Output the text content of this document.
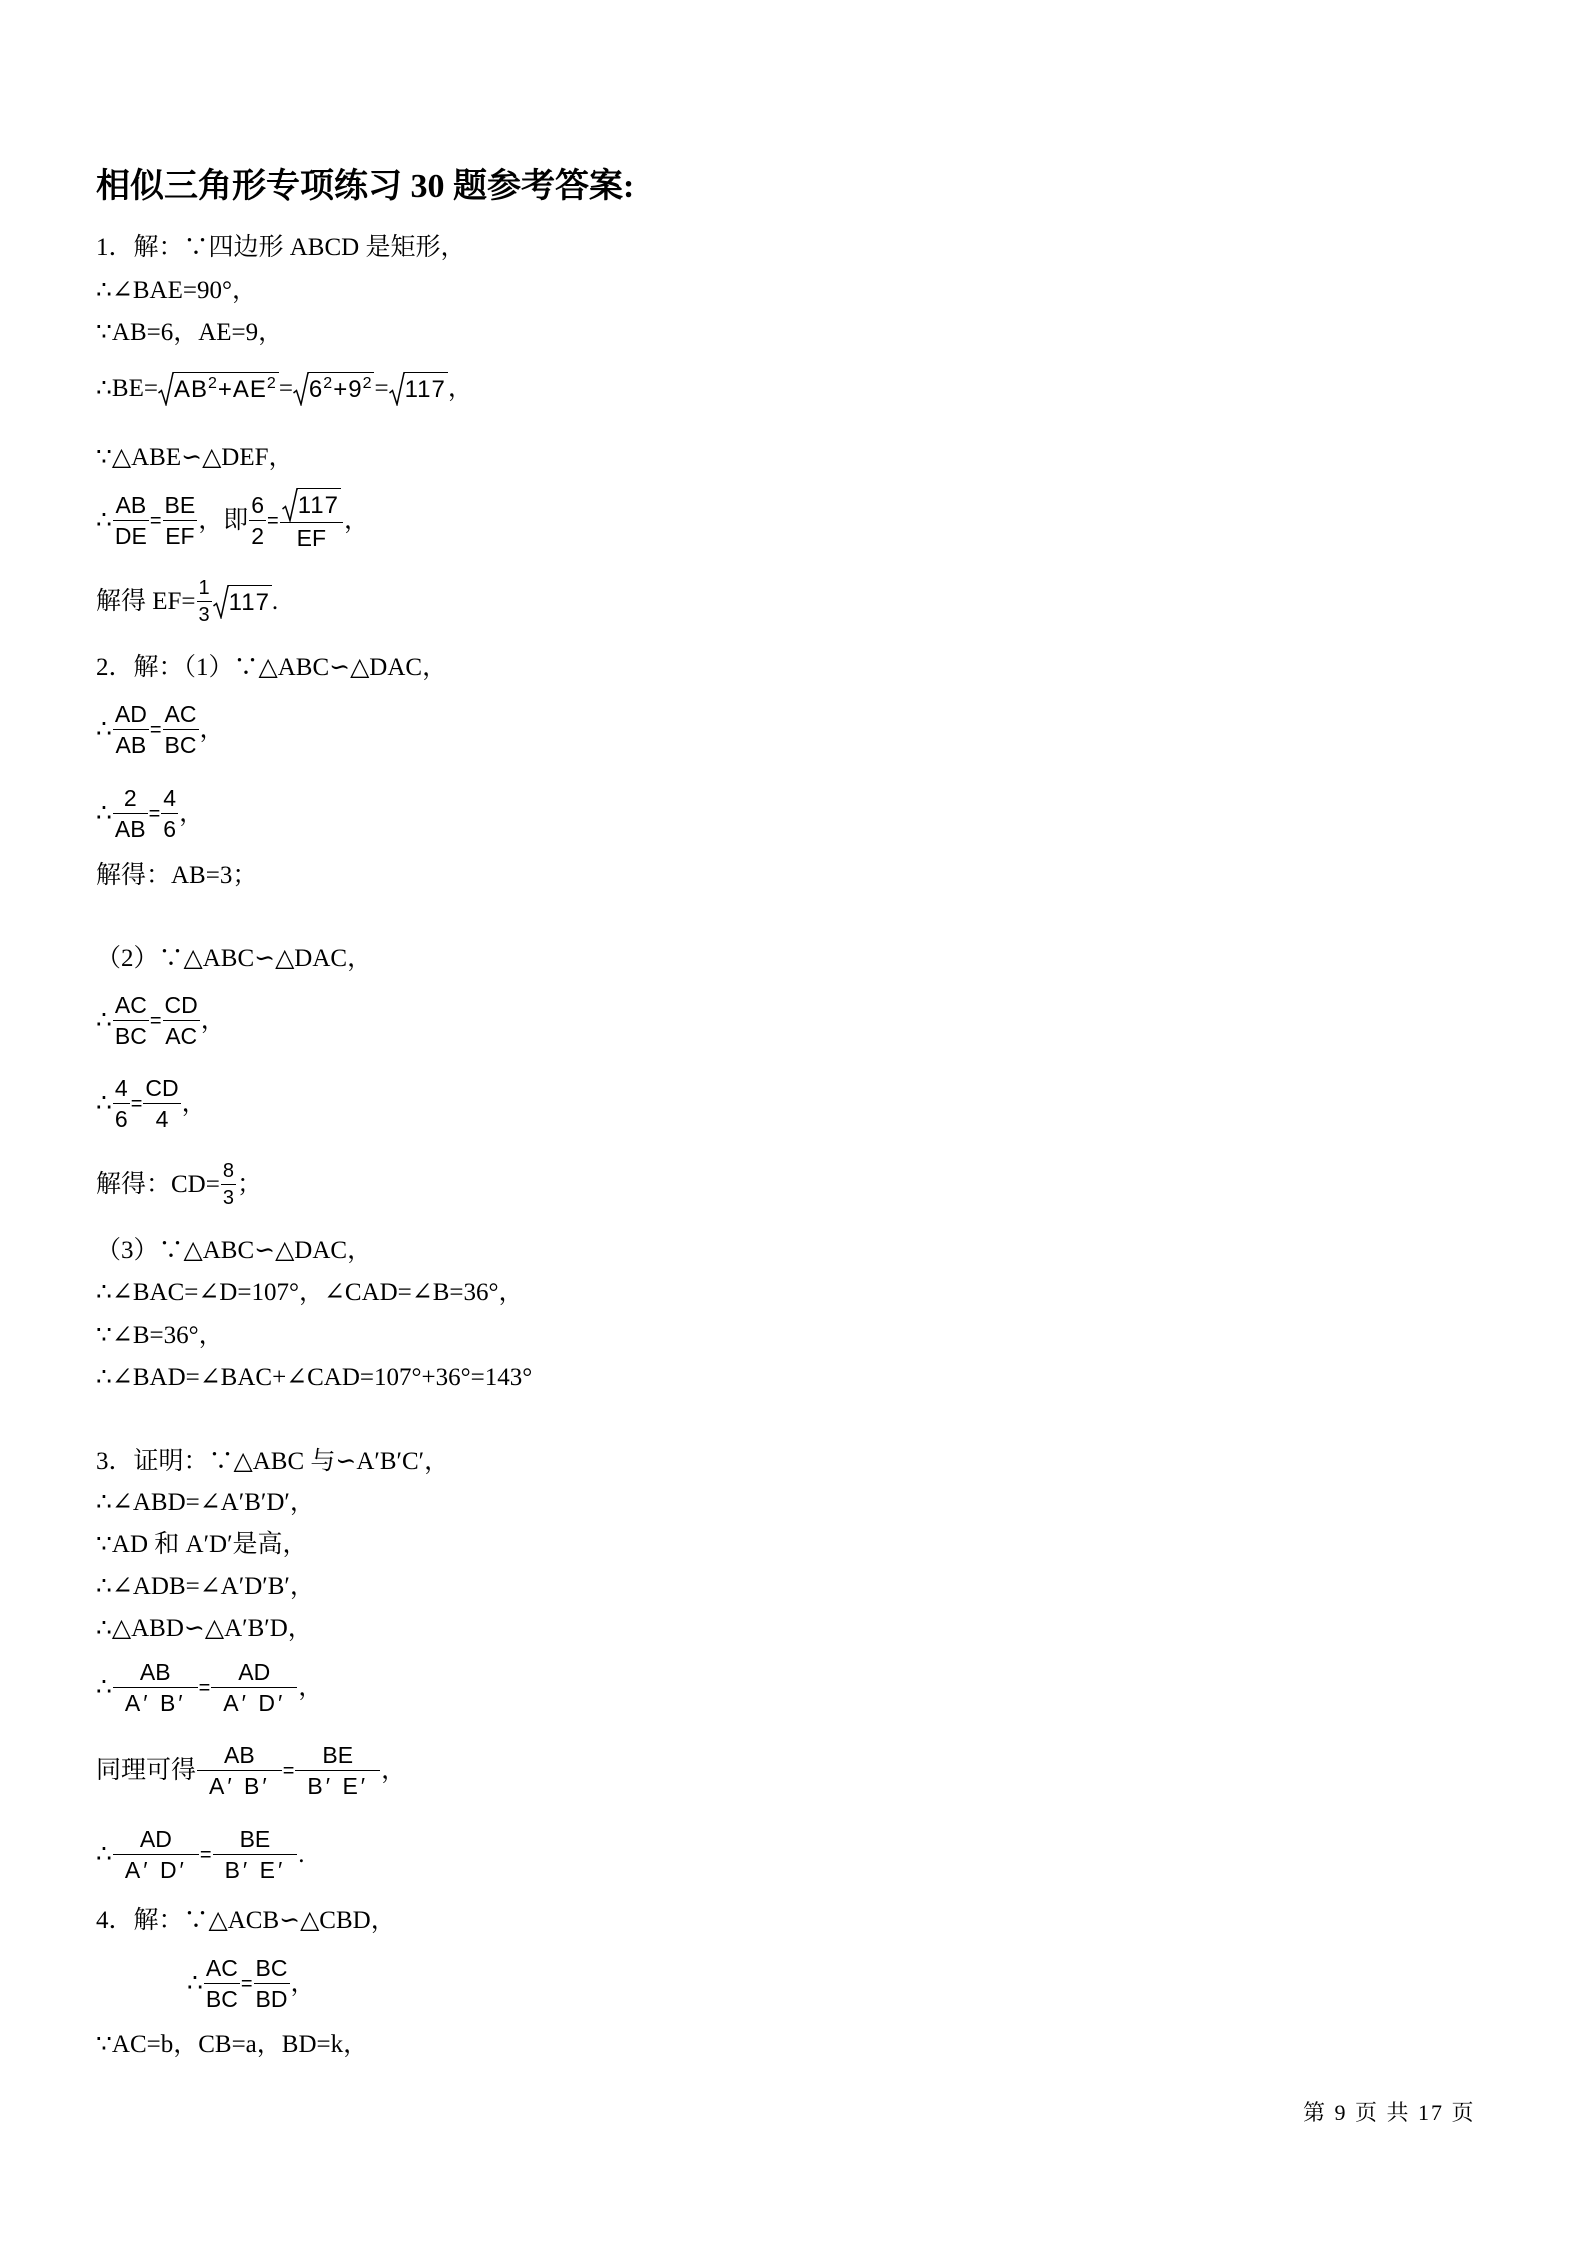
相似三角形专项练习 30 题参考答案:
1．解：∵四边形 ABCD 是矩形，
∴∠BAE=90°，
∵AB=6，AE=9，
∴BE= $AB^2+AE^2 = 6^2+9^2 = 117$ ，
∵△ABE∽△DEF，
∴ $\frac{AB}{DE} = \frac{BE}{EF}$ ，即 $\frac{6}{2} = \frac{117}{EF}$ ，
解得 $EF= \frac{1}{3} 117$ .
2．解：（1）∵△ABC∽△DAC，
∴ $\frac{AD}{AB} = \frac{AC}{BC}$ ，
∴ $\frac{2}{AB} = \frac{4}{6}$ ，
解得：AB=3；
（2）∵△ABC∽△DAC，
∴ $\frac{AC}{BC} = \frac{CD}{AC}$ ，
∴ $\frac{4}{6} = \frac{CD}{4}$ ，
解得：$CD= \frac{8}{3}$ ；
（3）∵△ABC∽△DAC，
∴∠BAC=∠D=107°，∠CAD=∠B=36°，
∵∠B=36°，
∴∠BAD=∠BAC+∠CAD=107°+36°=143°
3．证明：∵△ABC 与∽A′B′C′，
∴∠ABD=∠A′B′D′，
∵AD 和 A′D′是高，
∴∠ADB=∠A′D′B′，
∴△ABD∽△A′B′D，
∴ $\frac{AB}{A' B'} = \frac{AD}{A' D'}$ ，
同理可得 $\frac{AB}{A' B'} = \frac{BE}{B' E'}$ ，
∴ $\frac{AD}{A' D'} = \frac{BE}{B' E'}$ .
4．解：∵△ACB∽△CBD，
∴ $\frac{AC}{BC} = \frac{BC}{BD}$ ，
∵AC=b，CB=a，BD=k，
第 9 页 共 17 页
